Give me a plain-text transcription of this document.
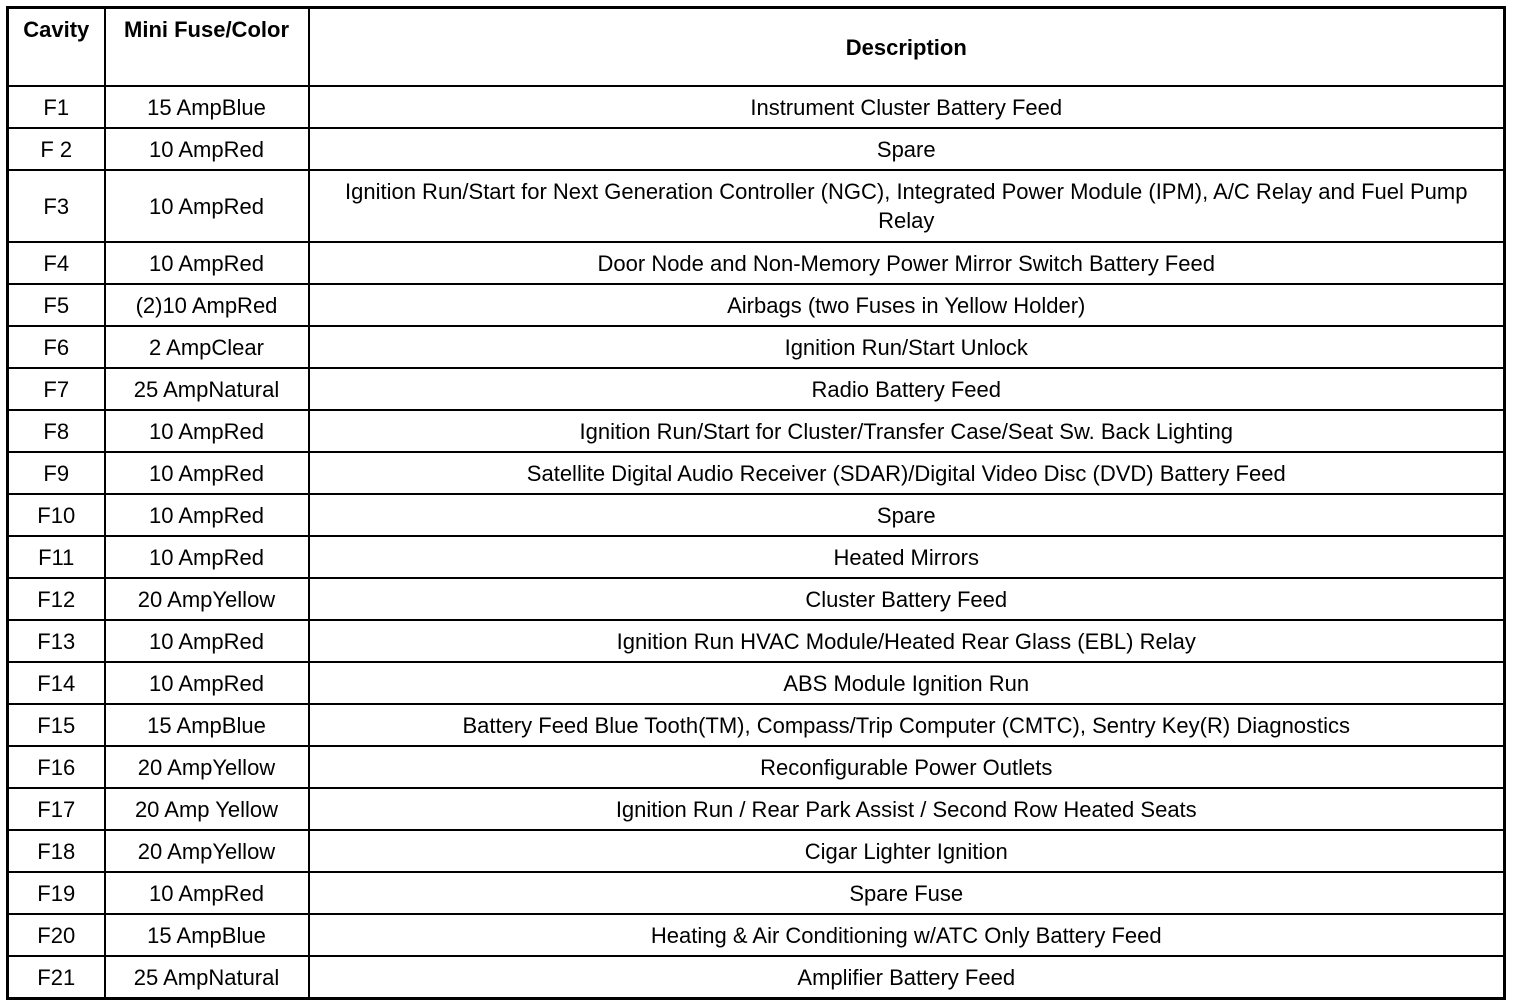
Cavity	Mini Fuse/Color	Description
F1	15 AmpBlue	Instrument Cluster Battery Feed
F 2	10 AmpRed	Spare
F3	10 AmpRed	Ignition Run/Start for Next Generation Controller (NGC), Integrated Power Module (IPM), A/C Relay and Fuel Pump Relay
F4	10 AmpRed	Door Node and Non-Memory Power Mirror Switch Battery Feed
F5	(2)10 AmpRed	Airbags (two Fuses in Yellow Holder)
F6	2 AmpClear	Ignition Run/Start Unlock
F7	25 AmpNatural	Radio Battery Feed
F8	10 AmpRed	Ignition Run/Start for Cluster/Transfer Case/Seat Sw. Back Lighting
F9	10 AmpRed	Satellite Digital Audio Receiver (SDAR)/Digital Video Disc (DVD) Battery Feed
F10	10 AmpRed	Spare
F11	10 AmpRed	Heated Mirrors
F12	20 AmpYellow	Cluster Battery Feed
F13	10 AmpRed	Ignition Run HVAC Module/Heated Rear Glass (EBL) Relay
F14	10 AmpRed	ABS Module Ignition Run
F15	15 AmpBlue	Battery Feed Blue Tooth(TM), Compass/Trip Computer (CMTC), Sentry Key(R) Diagnostics
F16	20 AmpYellow	Reconfigurable Power Outlets
F17	20 Amp Yellow	Ignition Run / Rear Park Assist / Second Row Heated Seats
F18	20 AmpYellow	Cigar Lighter Ignition
F19	10 AmpRed	Spare Fuse
F20	15 AmpBlue	Heating & Air Conditioning w/ATC Only Battery Feed
F21	25 AmpNatural	Amplifier Battery Feed
